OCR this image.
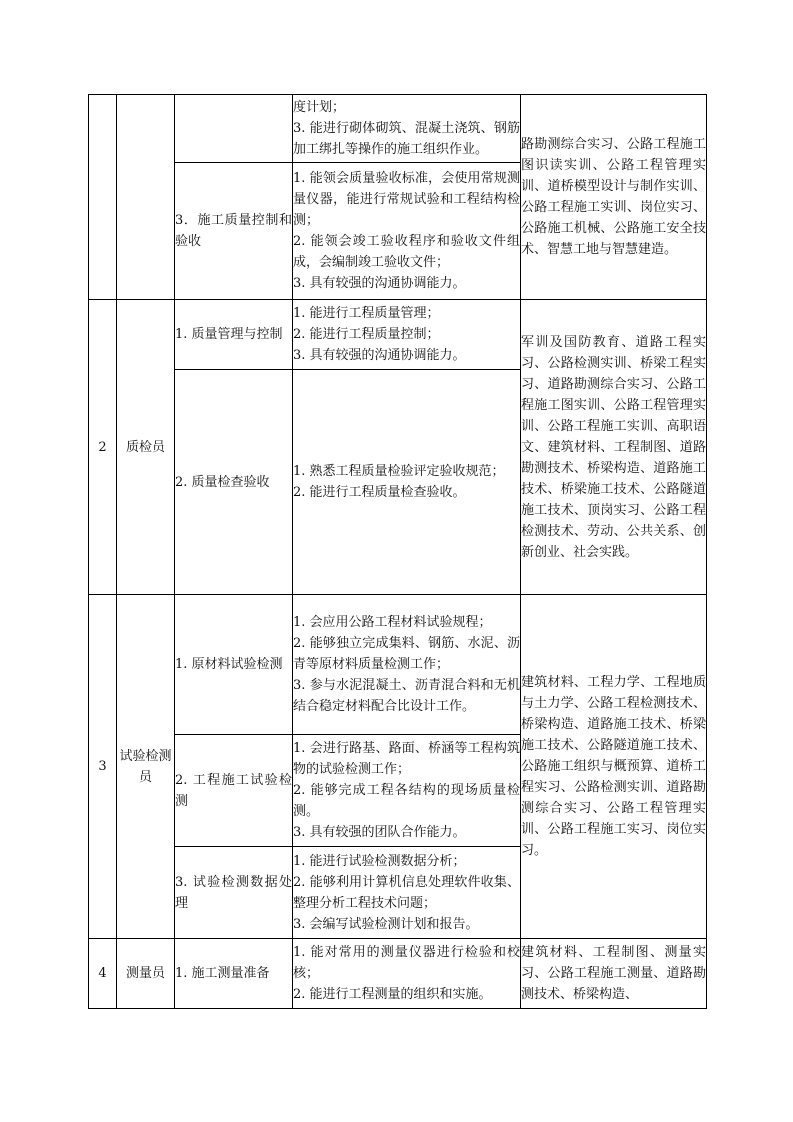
			度计划；
3. 能进行砌体砌筑、混凝土浇筑、钢筋加工绑扎等操作的施工组织作业。	路勘测综合实习、公路工程施工图识读实训、公路工程管理实训、道桥模型设计与制作实训、公路工程施工实训、岗位实习、公路施工机械、公路施工安全技术、智慧工地与智慧建造。

		3．施工质量控制和验收	1. 能领会质量验收标准，会使用常规测量仪器，能进行常规试验和工程结构检测；
2. 能领会竣工验收程序和验收文件组成，会编制竣工验收文件；
3. 具有较强的沟通协调能力。	

2	质检员	1. 质量管理与控制	1. 能进行工程质量管理；
2. 能进行工程质量控制；
3. 具有较强的沟通协调能力。	军训及国防教育、道路工程实习、公路检测实训、桥梁工程实习、道路勘测综合实习、公路工程施工图实训、公路工程管理实训、公路工程施工实训、高职语文、建筑材料、工程制图、道路勘测技术、桥梁构造、道路施工技术、桥梁施工技术、公路隧道施工技术、顶岗实习、公路工程检测技术、劳动、公共关系、创新创业、社会实践。

		2. 质量检查验收	1. 熟悉工程质量检验评定验收规范；
2. 能进行工程质量检查验收。	

3	试验检测员	1. 原材料试验检测	1. 会应用公路工程材料试验规程；
2. 能够独立完成集料、钢筋、水泥、沥青等原材料质量检测工作；
3. 参与水泥混凝土、沥青混合料和无机结合稳定材料配合比设计工作。	建筑材料、工程力学、工程地质与土力学、公路工程检测技术、桥梁构造、道路施工技术、桥梁施工技术、公路隧道施工技术、公路施工组织与概预算、道桥工程实习、公路检测实训、道路勘测综合实习、公路工程管理实训、公路工程施工实习、岗位实习。

		2. 工程施工试验检测	1. 会进行路基、路面、桥涵等工程构筑物的试验检测工作；
2. 能够完成工程各结构的现场质量检测。
3. 具有较强的团队合作能力。	

		3. 试验检测数据处理	1. 能进行试验检测数据分析；
2. 能够利用计算机信息处理软件收集、整理分析工程技术问题；
3. 会编写试验检测计划和报告。	

4	测量员	1. 施工测量准备	1. 能对常用的测量仪器进行检验和校核；
2. 能进行工程测量的组织和实施。	建筑材料、工程制图、测量实习、公路工程施工测量、道路勘测技术、桥梁构造、
